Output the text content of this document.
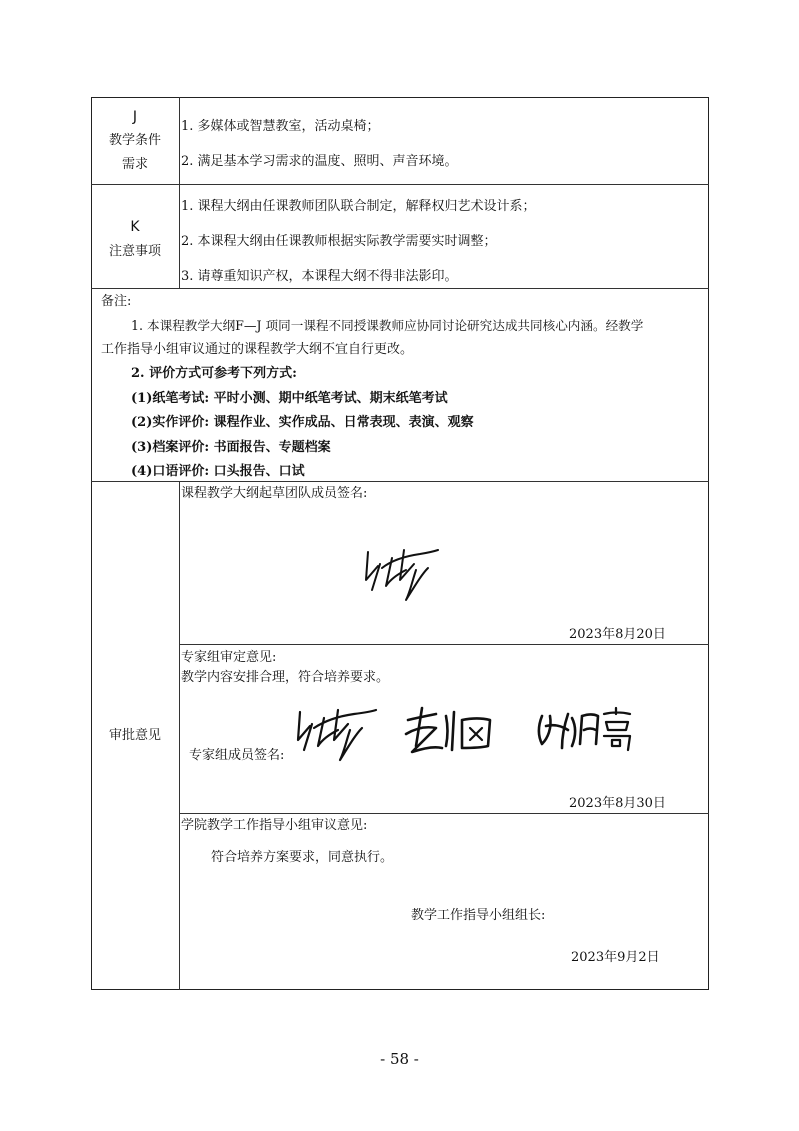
J
教学条件
需求
1. 多媒体或智慧教室，活动桌椅；
2. 满足基本学习需求的温度、照明、声音环境。
K
注意事项
1. 课程大纲由任课教师团队联合制定，解释权归艺术设计系；
2. 本课程大纲由任课教师根据实际教学需要实时调整；
3. 请尊重知识产权，本课程大纲不得非法影印。
备注:
1. 本课程教学大纲F—J 项同一课程不同授课教师应协同讨论研究达成共同核心内涵。经教学
工作指导小组审议通过的课程教学大纲不宜自行更改。
2. 评价方式可参考下列方式:
(1)纸笔考试: 平时小测、期中纸笔考试、期末纸笔考试
(2)实作评价: 课程作业、实作成品、日常表现、表演、观察
(3)档案评价: 书面报告、专题档案
(4)口语评价: 口头报告、口试
审批意见
课程教学大纲起草团队成员签名:
2023年8月20日
专家组审定意见:
教学内容安排合理，符合培养要求。
专家组成员签名:
2023年8月30日
学院教学工作指导小组审议意见:
符合培养方案要求，同意执行。
教学工作指导小组组长:
2023年9月2日
- 58 -
